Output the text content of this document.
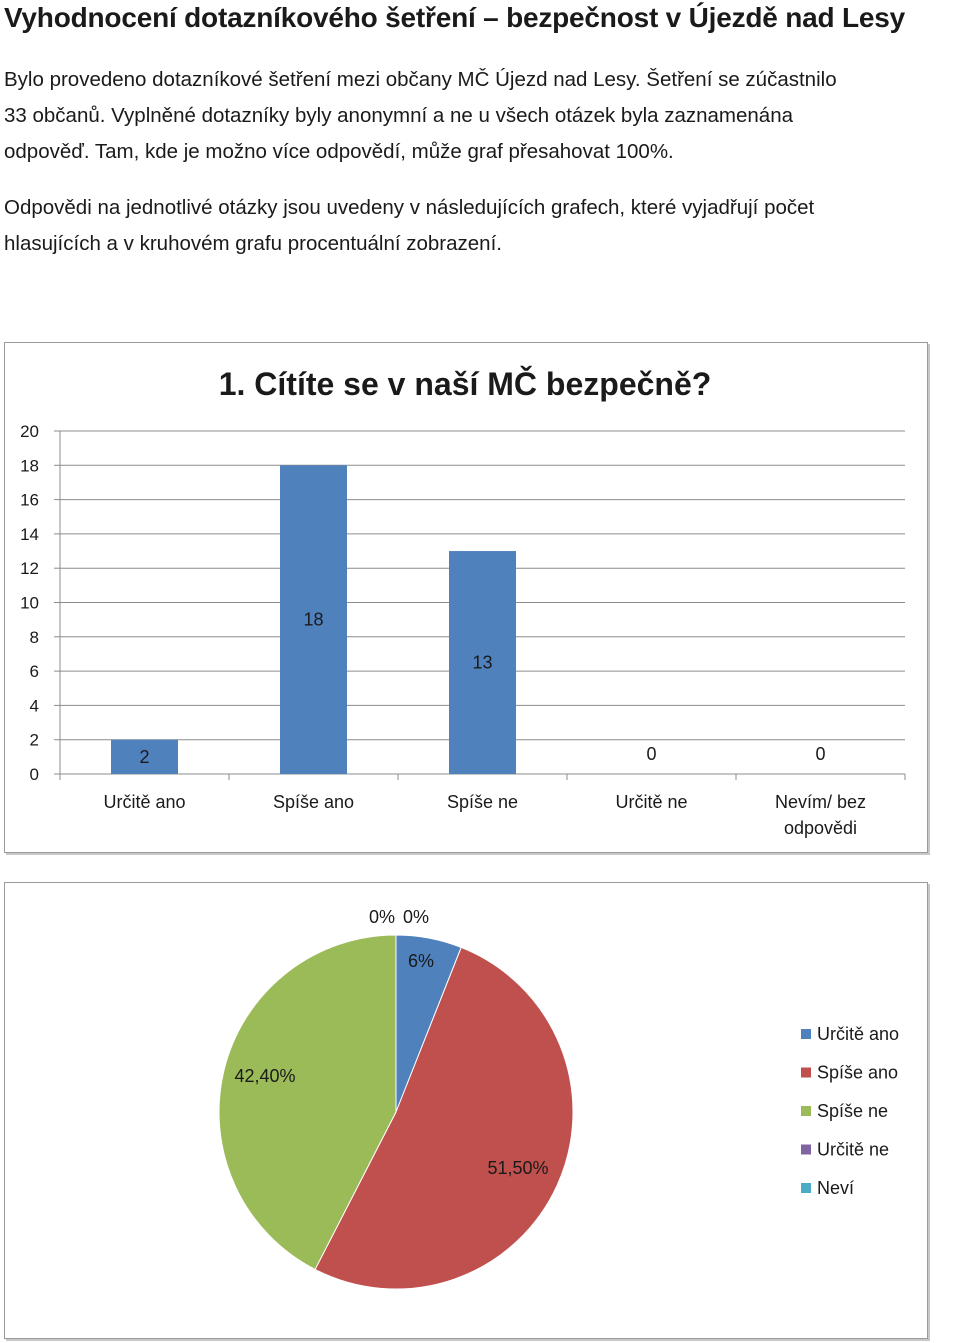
Vyhodnocení dotazníkového šetření – bezpečnost v Újezdě nad Lesy

Bylo provedeno dotazníkové šetření mezi občany MČ Újezd nad Lesy. Šetření se zúčastnilo
33 občanů. Vyplněné dotazníky byly anonymní a ne u všech otázek byla zaznamenána
odpověď. Tam, kde je možno více odpovědí, může graf přesahovat 100%.

Odpovědi na jednotlivé otázky jsou uvedeny v následujících grafech, které vyjadřují počet
hlasujících a v kruhovém grafu procentuální zobrazení.

1. Cítíte se v naší MČ bezpečně?
0
2
4
6
8
10
12
14
16
18
20
2
18
13
0	0
Určitě ano	Spíše ano	Spíše ne	Určitě ne	Nevím/ bez odpovědi
6%
51,50%
42,40%
0% 0%
Určitě ano
Spíše ano
Spíše ne
Určitě ne
Neví
